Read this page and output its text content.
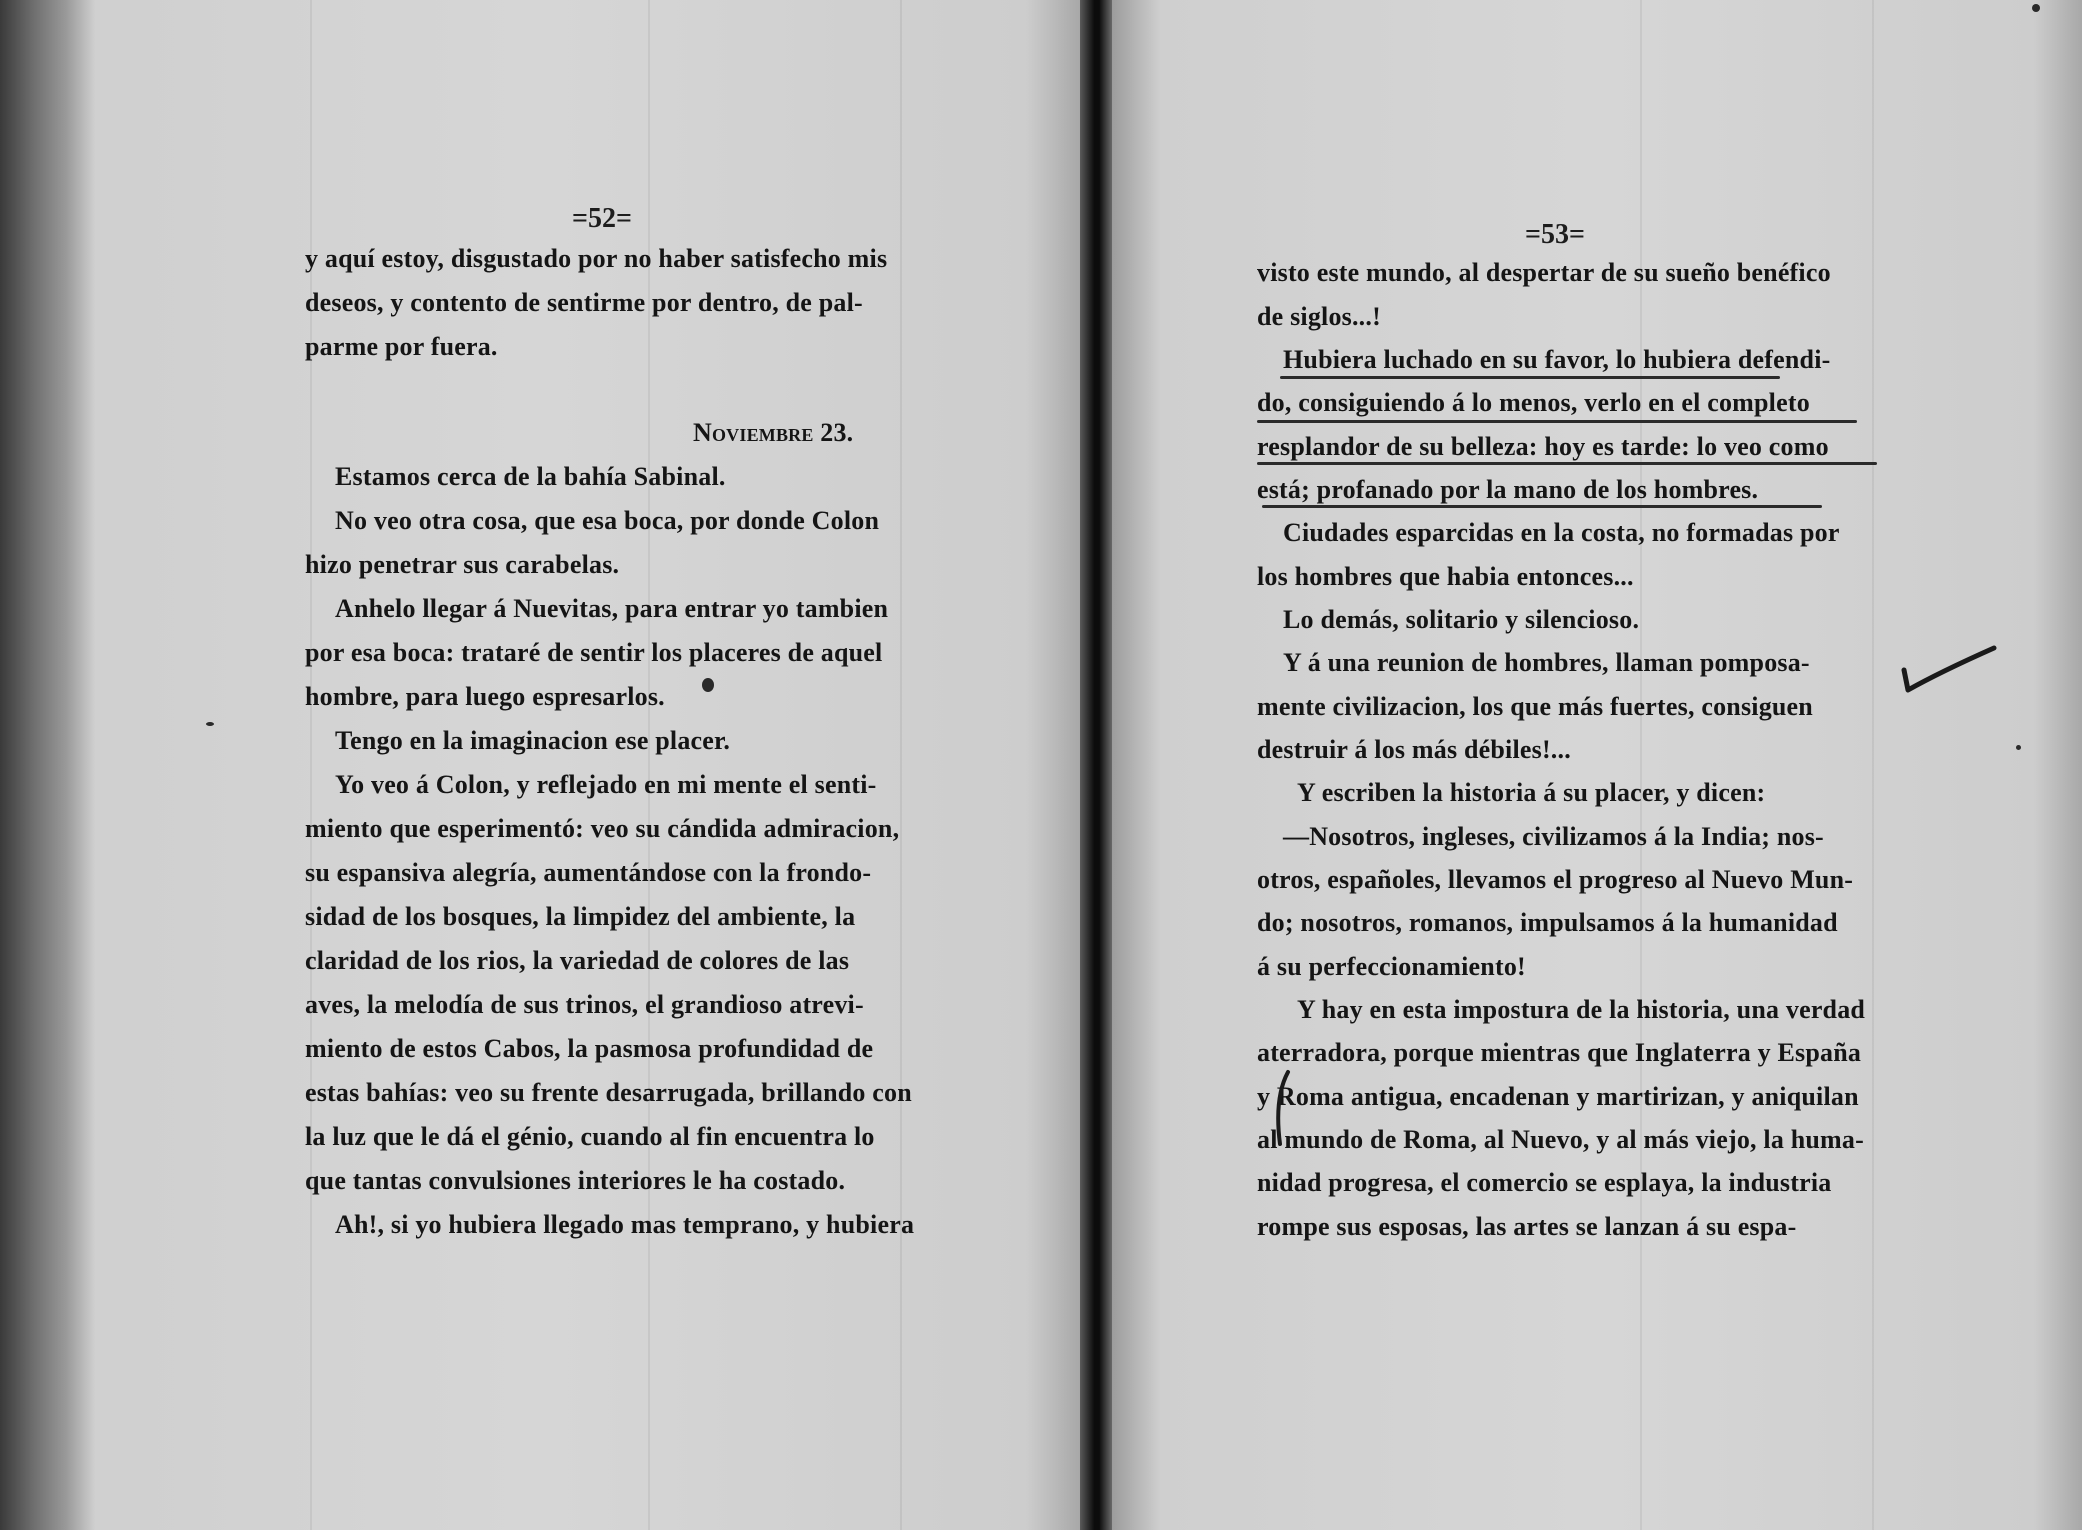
=52=
y aquí estoy, disgustado por no haber satisfecho mis
deseos, y contento de sentirme por dentro, de pal-
parme por fuera.
Noviembre 23.
Estamos cerca de la bahía Sabinal.
No veo otra cosa, que esa boca, por donde Colon
hizo penetrar sus carabelas.
Anhelo llegar á Nuevitas, para entrar yo tambien
por esa boca: trataré de sentir los placeres de aquel
hombre, para luego espresarlos.
Tengo en la imaginacion ese placer.
Yo veo á Colon, y reflejado en mi mente el senti-
miento que esperimentó: veo su cándida admiracion,
su espansiva alegría, aumentándose con la frondo-
sidad de los bosques, la limpidez del ambiente, la
claridad de los rios, la variedad de colores de las
aves, la melodía de sus trinos, el grandioso atrevi-
miento de estos Cabos, la pasmosa profundidad de
estas bahías: veo su frente desarrugada, brillando con
la luz que le dá el génio, cuando al fin encuentra lo
que tantas convulsiones interiores le ha costado.
Ah!, si yo hubiera llegado mas temprano, y hubiera
=53=
visto este mundo, al despertar de su sueño benéfico
de siglos...!
Hubiera luchado en su favor, lo hubiera defendi-
do, consiguiendo á lo menos, verlo en el completo
resplandor de su belleza: hoy es tarde: lo veo como
está; profanado por la mano de los hombres.
Ciudades esparcidas en la costa, no formadas por
los hombres que habia entonces...
Lo demás, solitario y silencioso.
Y á una reunion de hombres, llaman pomposa-
mente civilizacion, los que más fuertes, consiguen
destruir á los más débiles!...
Y escriben la historia á su placer, y dicen:
—Nosotros, ingleses, civilizamos á la India; nos-
otros, españoles, llevamos el progreso al Nuevo Mun-
do; nosotros, romanos, impulsamos á la humanidad
á su perfeccionamiento!
Y hay en esta impostura de la historia, una verdad
aterradora, porque mientras que Inglaterra y España
y Roma antigua, encadenan y martirizan, y aniquilan
al mundo de Roma, al Nuevo, y al más viejo, la huma-
nidad progresa, el comercio se esplaya, la industria
rompe sus esposas, las artes se lanzan á su espa-
